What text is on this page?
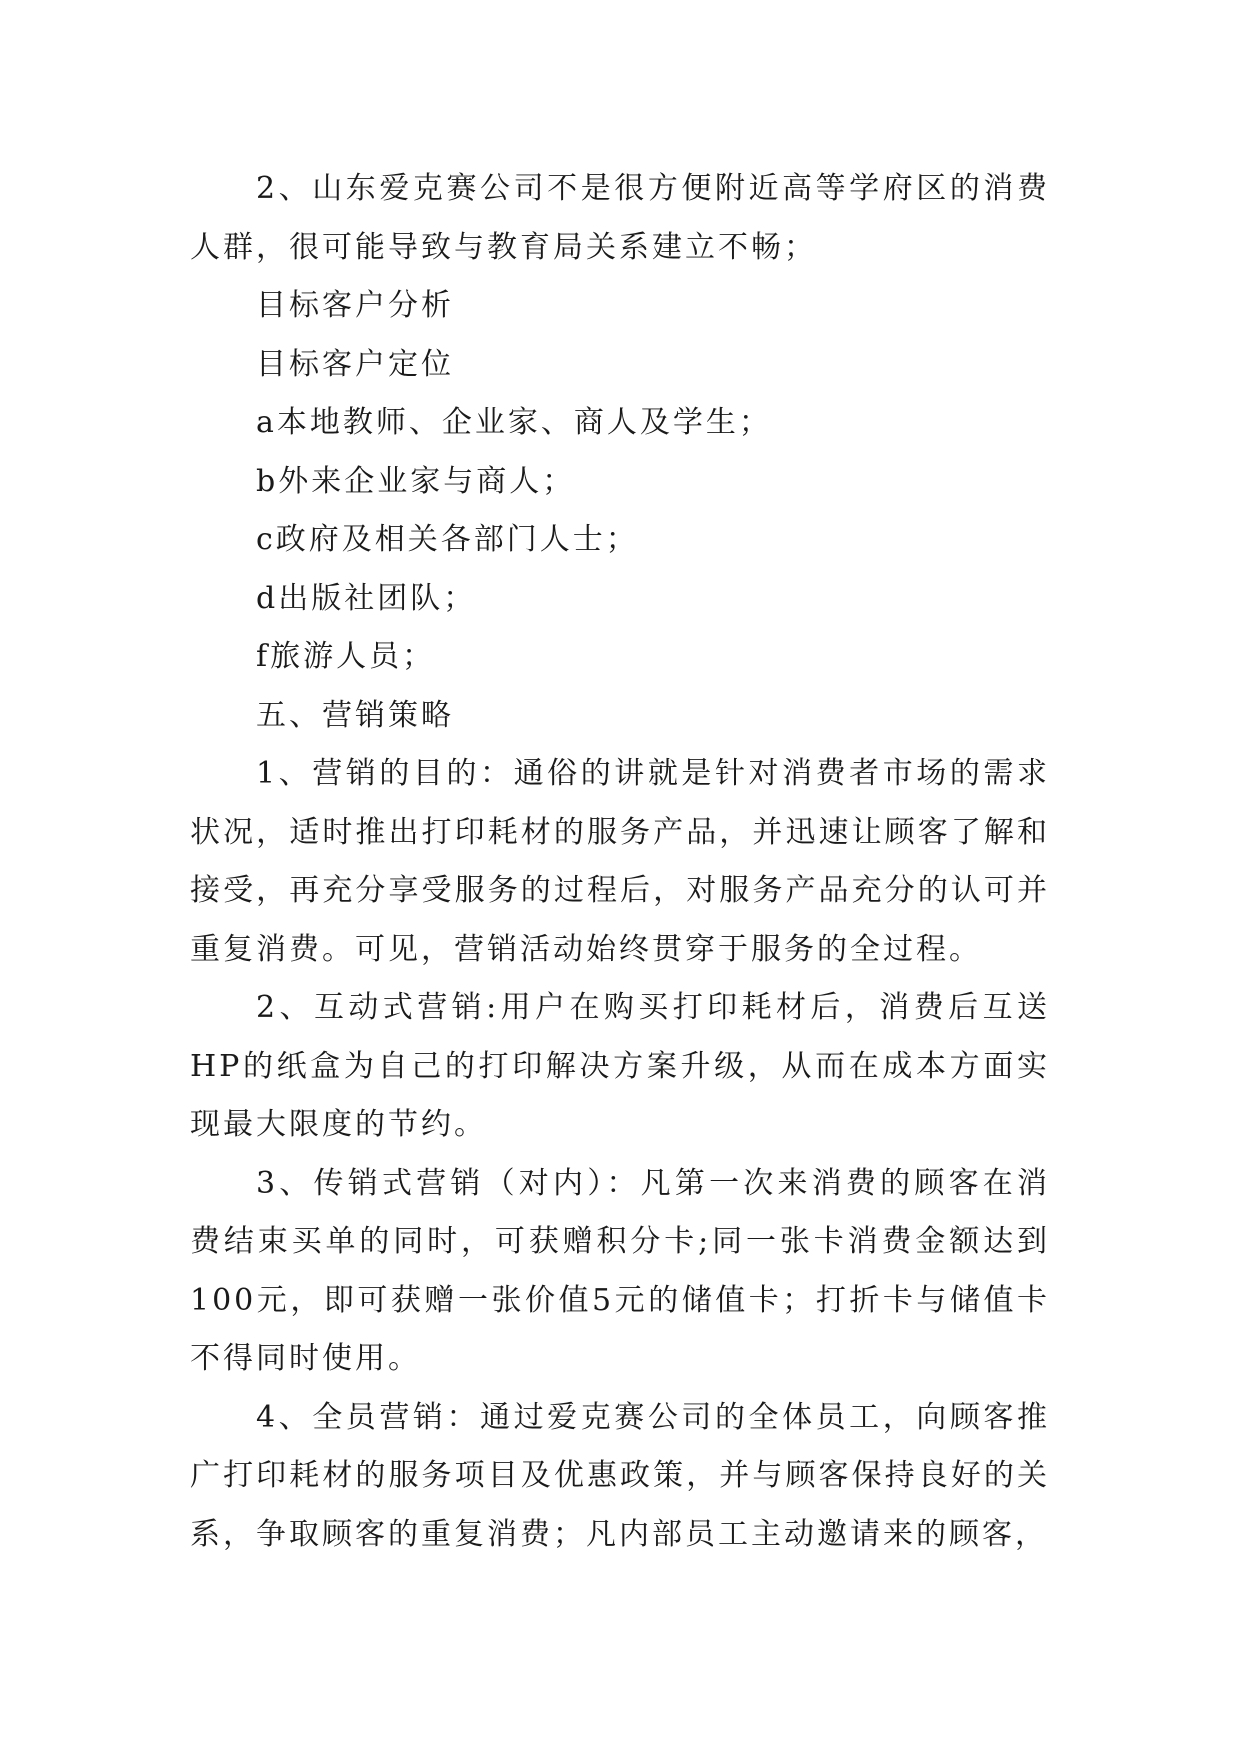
2、山东爱克赛公司不是很方便附近高等学府区的消费人群，很可能导致与教育局关系建立不畅；

目标客户分析

目标客户定位

a本地教师、企业家、商人及学生；

b外来企业家与商人；

c政府及相关各部门人士；

d出版社团队；

f旅游人员；

五、营销策略

1、营销的目的：通俗的讲就是针对消费者市场的需求状况，适时推出打印耗材的服务产品，并迅速让顾客了解和接受，再充分享受服务的过程后，对服务产品充分的认可并重复消费。可见，营销活动始终贯穿于服务的全过程。

2、互动式营销:用户在购买打印耗材后，消费后互送HP的纸盒为自己的打印解决方案升级，从而在成本方面实现最大限度的节约。

3、传销式营销（对内）：凡第一次来消费的顾客在消费结束买单的同时，可获赠积分卡;同一张卡消费金额达到100元，即可获赠一张价值5元的储值卡；打折卡与储值卡不得同时使用。

4、全员营销：通过爱克赛公司的全体员工，向顾客推广打印耗材的服务项目及优惠政策，并与顾客保持良好的关系，争取顾客的重复消费；凡内部员工主动邀请来的顾客，
